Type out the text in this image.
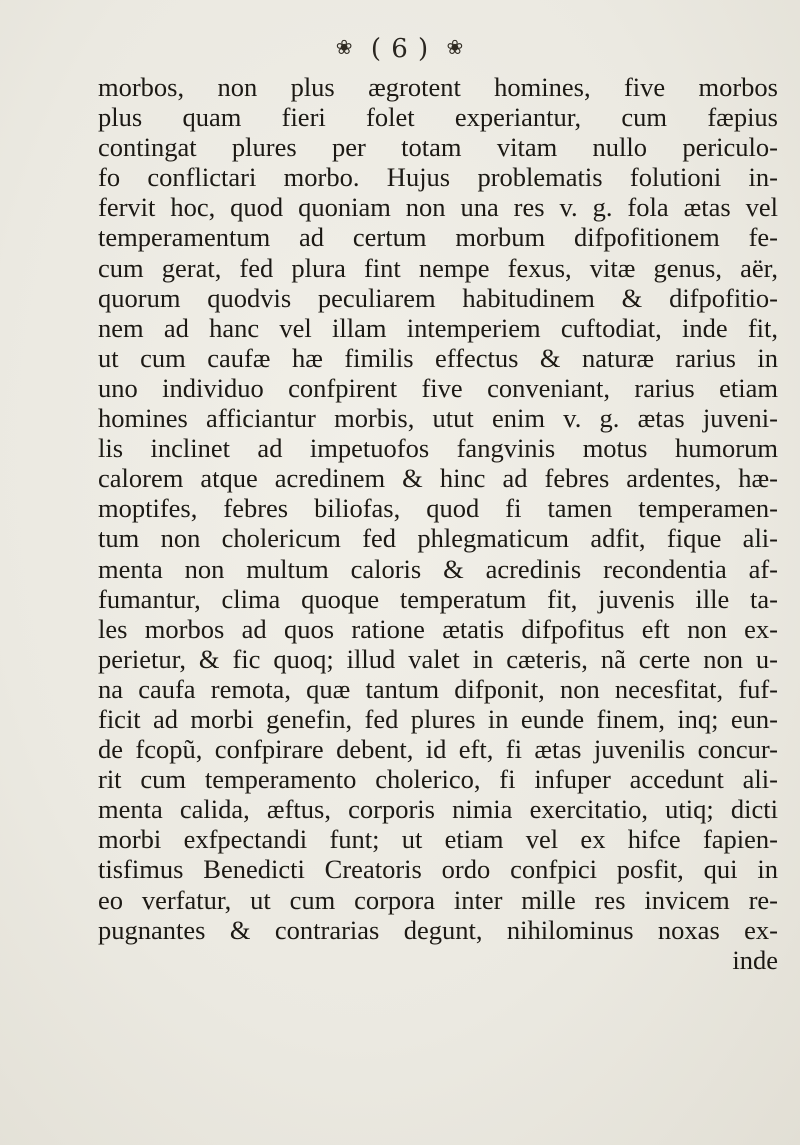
❀ ( 6 ) ❀
morbos, non plus ægrotent homines, five morbos
plus quam fieri folet experiantur, cum fæpius
contingat plures per totam vitam nullo periculo-
fo conflictari morbo. Hujus problematis folutioni in-
fervit hoc, quod quoniam non una res v. g. fola ætas vel
temperamentum ad certum morbum difpofitionem fe-
cum gerat, fed plura fint nempe fexus, vitæ genus, aër,
quorum quodvis peculiarem habitudinem & difpofitio-
nem ad hanc vel illam intemperiem cuftodiat, inde fit,
ut cum caufæ hæ fimilis effectus & naturæ rarius in
uno individuo confpirent five conveniant, rarius etiam
homines afficiantur morbis, utut enim v. g. ætas juveni-
lis inclinet ad impetuofos fangvinis motus humorum
calorem atque acredinem & hinc ad febres ardentes, hæ-
moptifes, febres biliofas, quod fi tamen temperamen-
tum non cholericum fed phlegmaticum adfit, fique ali-
menta non multum caloris & acredinis recondentia af-
fumantur, clima quoque temperatum fit, juvenis ille ta-
les morbos ad quos ratione ætatis difpofitus eft non ex-
perietur, & fic quoq; illud valet in cæteris, nã certe non u-
na caufa remota, quæ tantum difponit, non necesfitat, fuf-
ficit ad morbi genefin, fed plures in eunde finem, inq; eun-
de fcopũ, confpirare debent, id eft, fi ætas juvenilis concur-
rit cum temperamento cholerico, fi infuper accedunt ali-
menta calida, æftus, corporis nimia exercitatio, utiq; dicti
morbi exfpectandi funt; ut etiam vel ex hifce fapien-
tisfimus Benedicti Creatoris ordo confpici posfit, qui in
eo verfatur, ut cum corpora inter mille res invicem re-
pugnantes & contrarias degunt, nihilominus noxas ex-
inde
